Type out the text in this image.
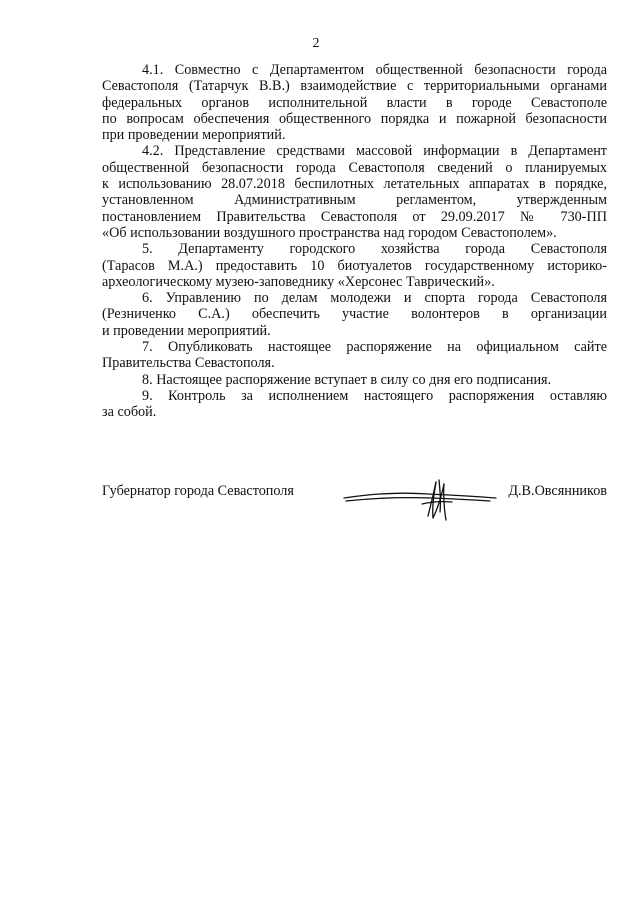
2
4.1. Совместно с Департаментом общественной безопасности города
Севастополя (Татарчук В.В.) взаимодействие с территориальными органами
федеральных органов исполнительной власти в городе Севастополе
по вопросам обеспечения общественного порядка и пожарной безопасности
при проведении мероприятий.
4.2. Представление средствами массовой информации в Департамент
общественной безопасности города Севастополя сведений о планируемых
к использованию 28.07.2018 беспилотных летательных аппаратах в порядке,
установленном Административным регламентом, утвержденным
постановлением Правительства Севастополя от 29.09.2017 № 730-ПП
«Об использовании воздушного пространства над городом Севастополем».
5. Департаменту городского хозяйства города Севастополя
(Тарасов М.А.) предоставить 10 биотуалетов государственному историко-
археологическому музею-заповеднику «Херсонес Таврический».
6. Управлению по делам молодежи и спорта города Севастополя
(Резниченко С.А.) обеспечить участие волонтеров в организации
и проведении мероприятий.
7. Опубликовать настоящее распоряжение на официальном сайте
Правительства Севастополя.
8. Настоящее распоряжение вступает в силу со дня его подписания.
9. Контроль за исполнением настоящего распоряжения оставляю
за собой.
Губернатор города Севастополя	Д.В.Овсянников
